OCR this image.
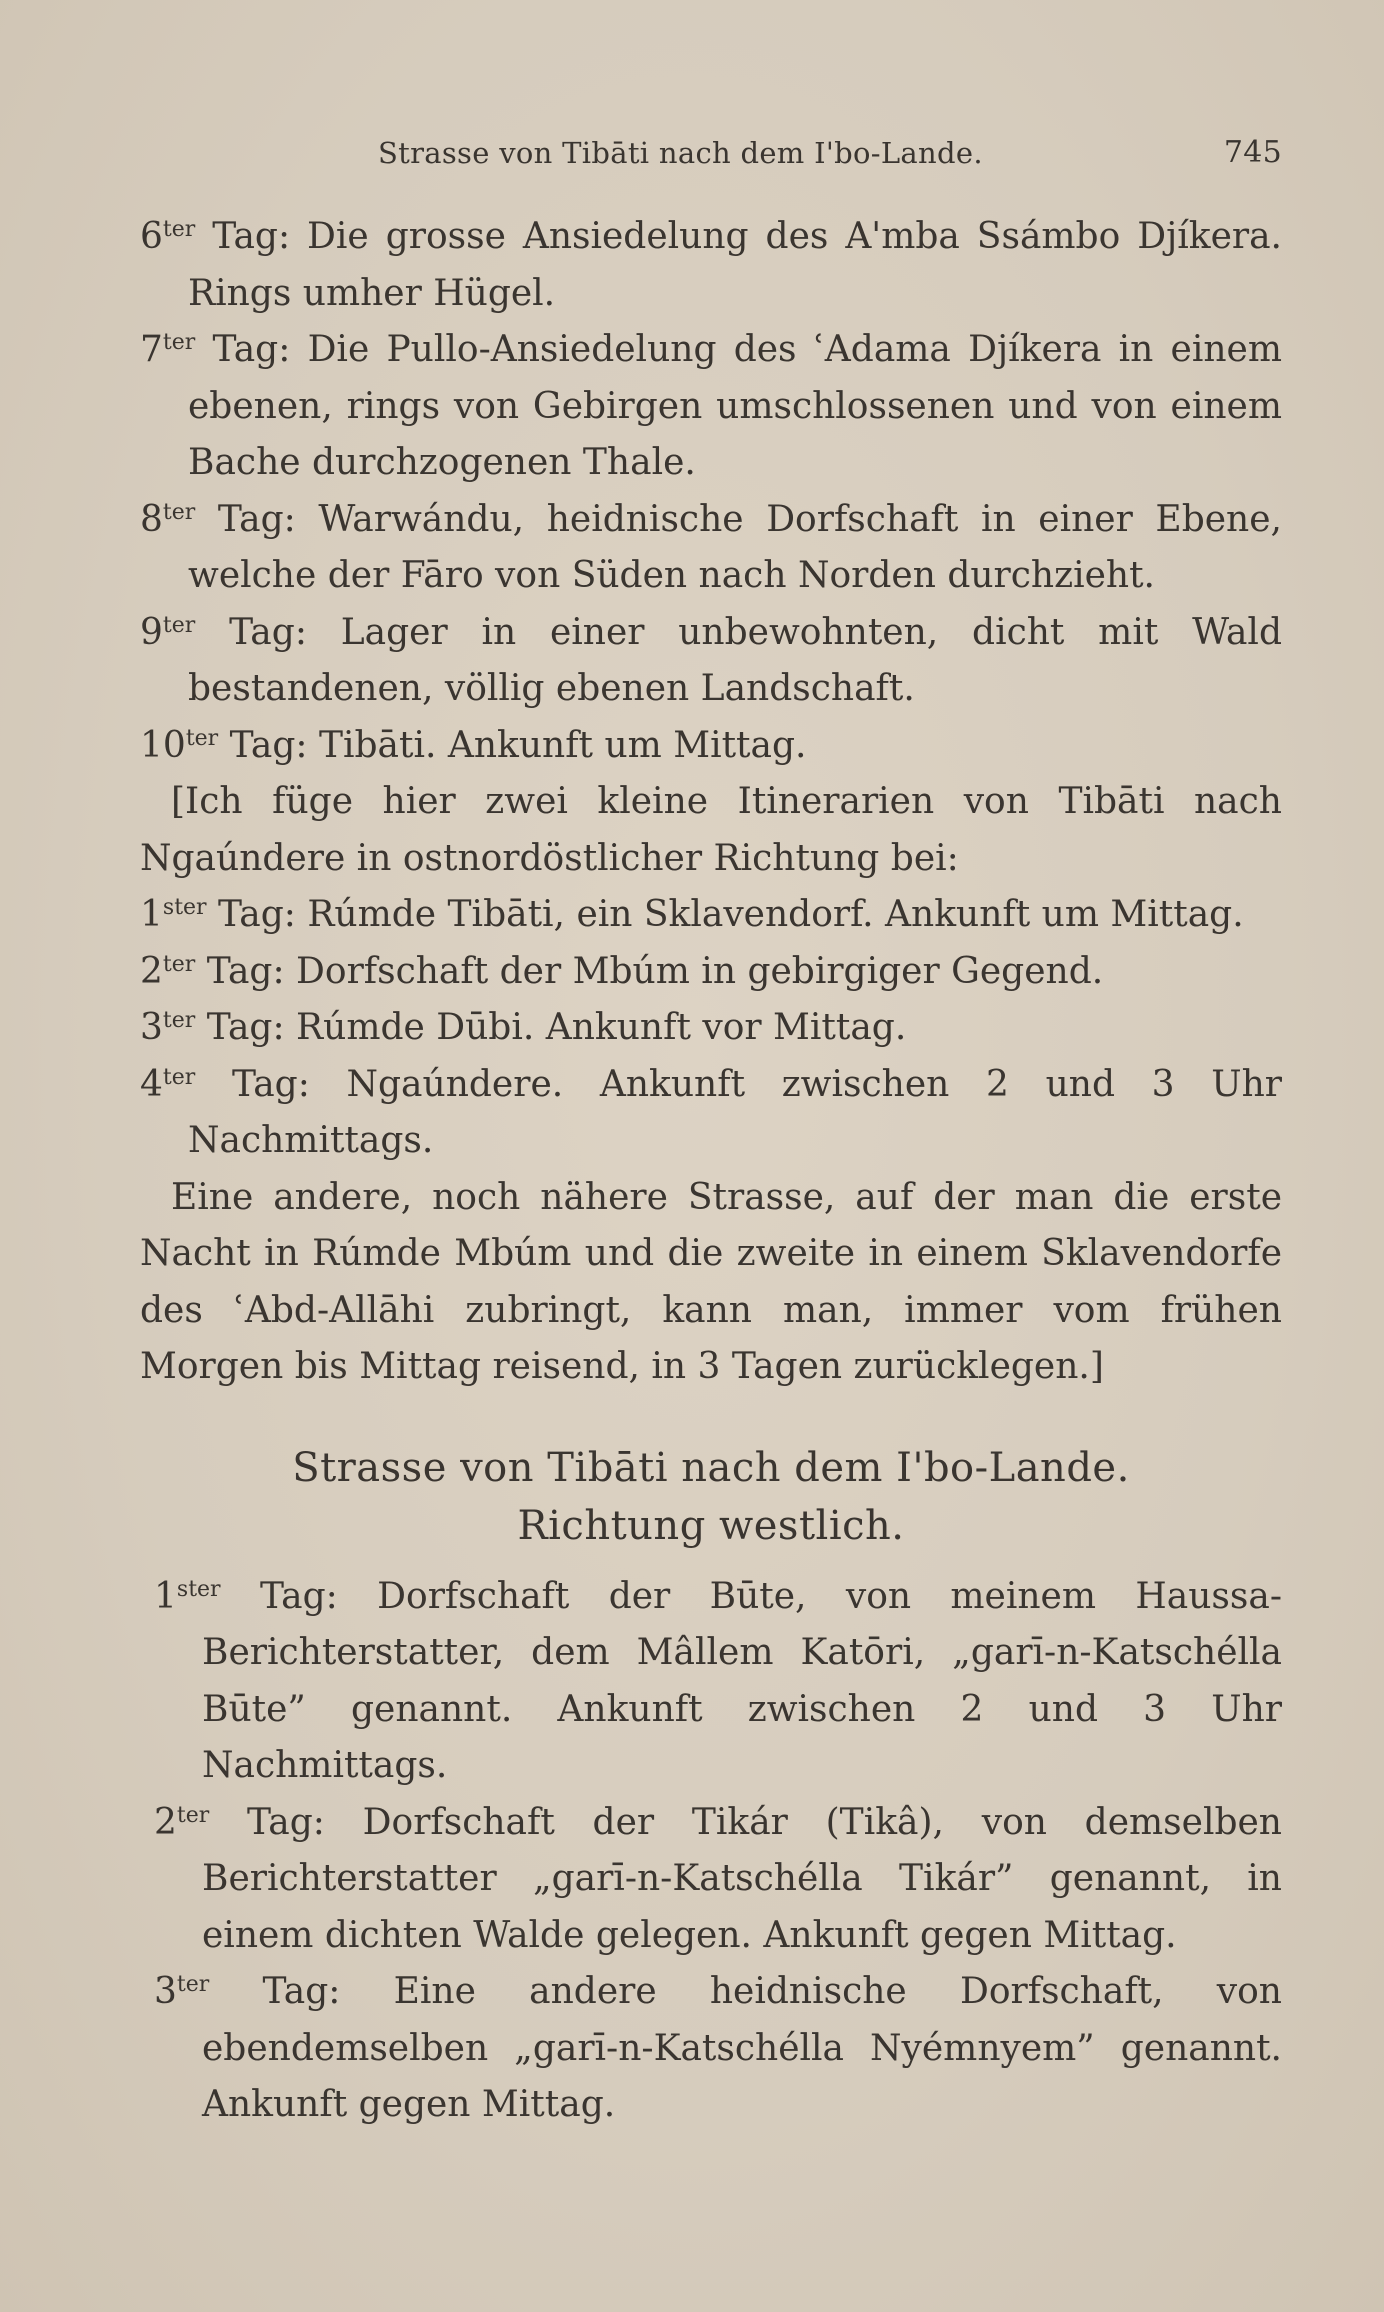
Strasse von Tibāti nach dem I'bo-Lande.	745

$6^{ter}$ Tag: Die grosse Ansiedelung des A'mba Ssámbo Djíkera. Rings umher Hügel.

$7^{ter}$ Tag: Die Pullo-Ansiedelung des ʿAdama Djíkera in einem ebenen, rings von Gebirgen umschlossenen und von einem Bache durchzogenen Thale.

$8^{ter}$ Tag: Warwándu, heidnische Dorfschaft in einer Ebene, welche der Fāro von Süden nach Norden durchzieht.

$9^{ter}$ Tag: Lager in einer unbewohnten, dicht mit Wald bestandenen, völlig ebenen Landschaft.

$10^{ter}$ Tag: Tibāti. Ankunft um Mittag.

[Ich füge hier zwei kleine Itinerarien von Tibāti nach Ngaúndere in ostnordöstlicher Richtung bei:

$1^{ster}$ Tag: Rúmde Tibāti, ein Sklavendorf. Ankunft um Mittag.

$2^{ter}$ Tag: Dorfschaft der Mbúm in gebirgiger Gegend.

$3^{ter}$ Tag: Rúmde Dūbi. Ankunft vor Mittag.

$4^{ter}$ Tag: Ngaúndere. Ankunft zwischen 2 und 3 Uhr Nachmittags.

Eine andere, noch nähere Strasse, auf der man die erste Nacht in Rúmde Mbúm und die zweite in einem Sklavendorfe des ʿAbd-Allāhi zubringt, kann man, immer vom frühen Morgen bis Mittag reisend, in 3 Tagen zurücklegen.]

Strasse von Tibāti nach dem I'bo-Lande.
Richtung westlich.

$1^{ster}$ Tag: Dorfschaft der Būte, von meinem Haussa-Berichterstatter, dem Mâllem Katōri, „garī-n-Katschélla Būte” genannt. Ankunft zwischen 2 und 3 Uhr Nachmittags.

$2^{ter}$ Tag: Dorfschaft der Tikár (Tikâ), von demselben Berichterstatter „garī-n-Katschélla Tikár” genannt, in einem dichten Walde gelegen. Ankunft gegen Mittag.

$3^{ter}$ Tag: Eine andere heidnische Dorfschaft, von ebendemselben „garī-n-Katschélla Nyémnyem” genannt. Ankunft gegen Mittag.
